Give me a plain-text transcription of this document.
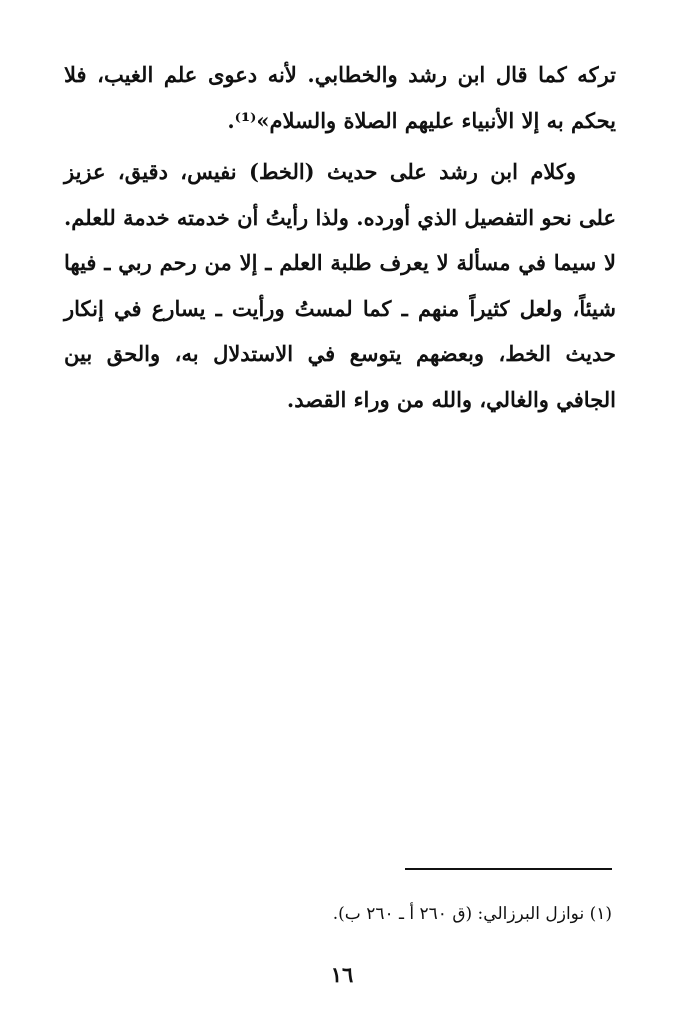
تركه كما قال ابن رشد والخطابي. لأنه دعوى علم الغيب، فلا يحكم به إلا الأنبياء عليهم الصلاة والسلام»⁽¹⁾.

وكلام ابن رشد على حديث (الخط) نفيس، دقيق، عزيز على نحو التفصيل الذي أورده. ولذا رأيتُ أن خدمته خدمة للعلم. لا سيما في مسألة لا يعرف طلبة العلم ـ إلا من رحم ربي ـ فيها شيئاً، ولعل كثيراً منهم ـ كما لمستُ ورأيت ـ يسارع في إنكار حديث الخط، وبعضهم يتوسع في الاستدلال به، والحق بين الجافي والغالي، والله من وراء القصد.

(١) نوازل البرزالي: (ق ٢٦٠ أ ـ ٢٦٠ ب).
١٦
